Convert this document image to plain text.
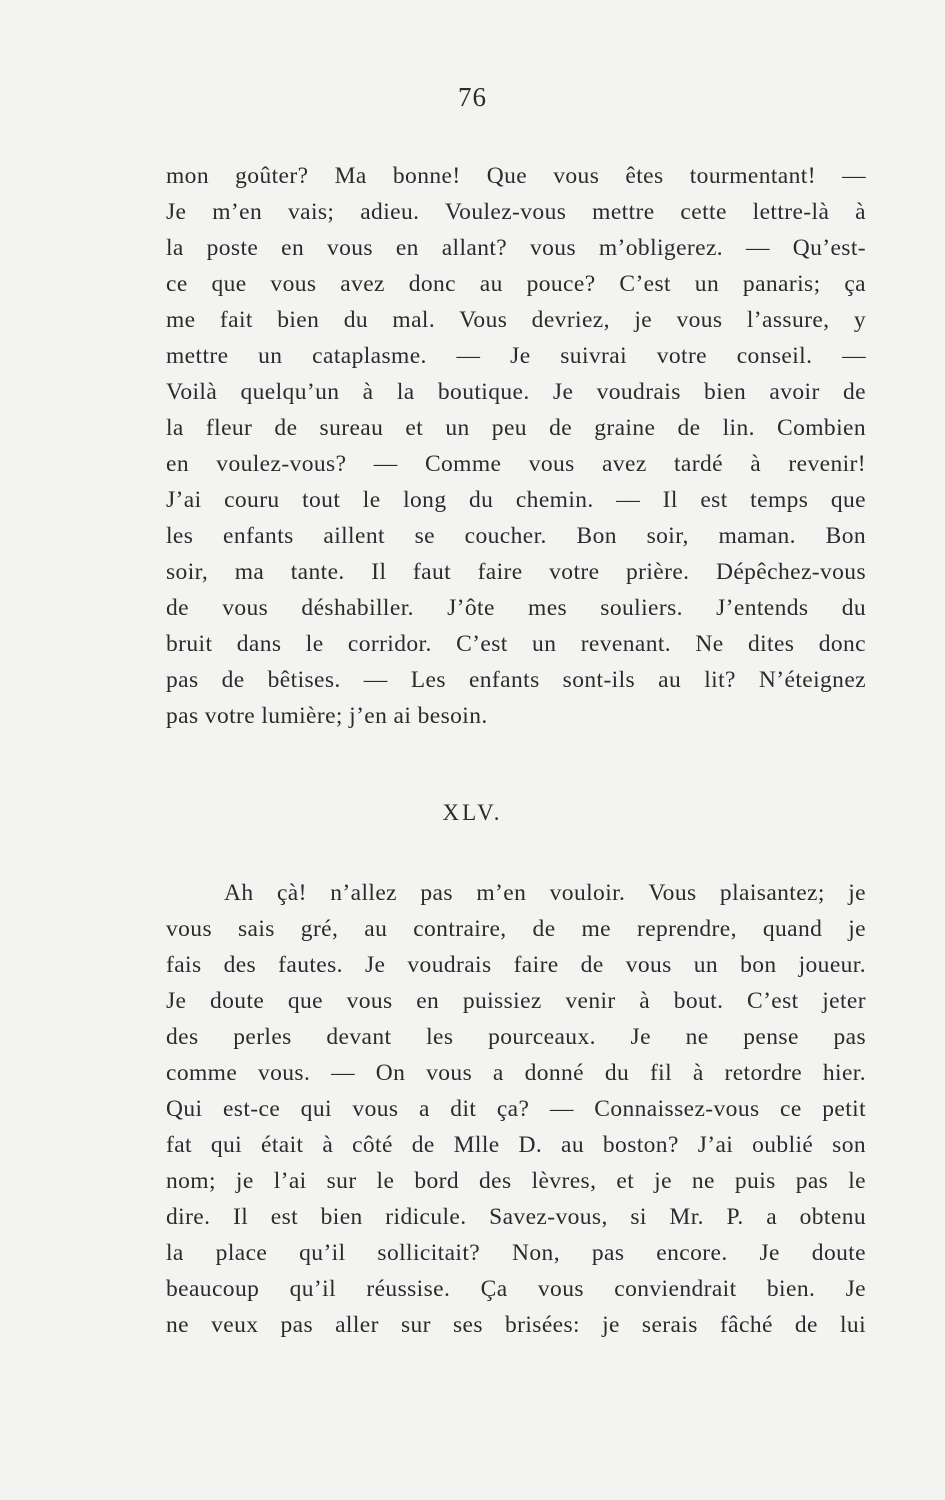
76
mon goûter? Ma bonne! Que vous êtes tourmentant! —
Je m’en vais; adieu. Voulez-vous mettre cette lettre-là à
la poste en vous en allant? vous m’obligerez. — Qu’est-
ce que vous avez donc au pouce? C’est un panaris; ça
me fait bien du mal. Vous devriez, je vous l’assure, y
mettre un cataplasme. — Je suivrai votre conseil. —
Voilà quelqu’un à la boutique. Je voudrais bien avoir de
la fleur de sureau et un peu de graine de lin. Combien
en voulez-vous? — Comme vous avez tardé à revenir!
J’ai couru tout le long du chemin. — Il est temps que
les enfants aillent se coucher. Bon soir, maman. Bon
soir, ma tante. Il faut faire votre prière. Dépêchez-vous
de vous déshabiller. J’ôte mes souliers. J’entends du
bruit dans le corridor. C’est un revenant. Ne dites donc
pas de bêtises. — Les enfants sont-ils au lit? N’éteignez
pas votre lumière; j’en ai besoin.
XLV.
Ah çà! n’allez pas m’en vouloir. Vous plaisantez; je
vous sais gré, au contraire, de me reprendre, quand je
fais des fautes. Je voudrais faire de vous un bon joueur.
Je doute que vous en puissiez venir à bout. C’est jeter
des perles devant les pourceaux. Je ne pense pas
comme vous. — On vous a donné du fil à retordre hier.
Qui est-ce qui vous a dit ça? — Connaissez-vous ce petit
fat qui était à côté de Mlle D. au boston? J’ai oublié son
nom; je l’ai sur le bord des lèvres, et je ne puis pas le
dire. Il est bien ridicule. Savez-vous, si Mr. P. a obtenu
la place qu’il sollicitait? Non, pas encore. Je doute
beaucoup qu’il réussise. Ça vous conviendrait bien. Je
ne veux pas aller sur ses brisées: je serais fâché de lui
